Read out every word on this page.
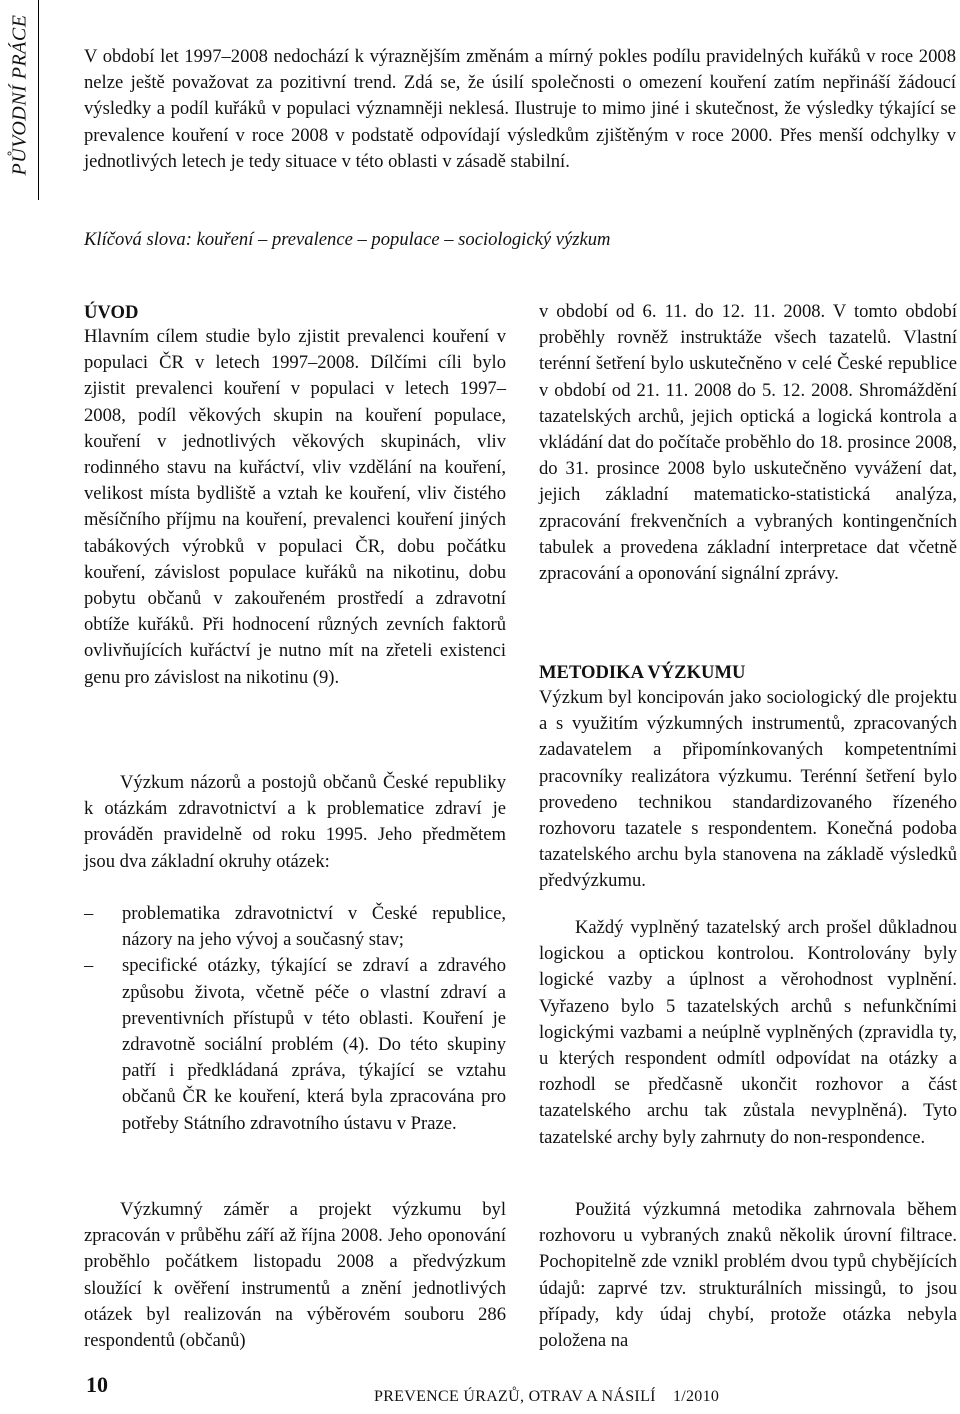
PŮVODNÍ PRÁCE	V období let 1997–2008 nedochází k výraznějším změnám a mírný pokles podílu pravidelných kuřáků v roce 2008 nelze ještě považovat za pozitivní trend. Zdá se, že úsilí společnosti o omezení kouření zatím nepřináší žádoucí výsledky a podíl kuřáků v populaci významněji neklesá. Ilustruje to mimo jiné i skutečnost, že výsledky týkající se prevalence kouření v roce 2008 v podstatě odpovídají výsledkům zjištěným v roce 2000. Přes menší odchylky v jednotlivých letech je tedy situace v této oblasti v zásadě stabilní.

Klíčová slova: kouření – prevalence – populace – sociologický výzkum

ÚVOD

Hlavním cílem studie bylo zjistit prevalenci kouření v populaci ČR v letech 1997–2008. Dílčími cíli bylo zjistit prevalenci kouření v populaci v letech 1997–2008, podíl věkových skupin na kouření populace, kouření v jednotlivých věkových skupinách, vliv rodinného stavu na kuřáctví, vliv vzdělání na kouření, velikost místa bydliště a vztah ke kouření, vliv čistého měsíčního příjmu na kouření, prevalenci kouření jiných tabákových výrobků v populaci ČR, dobu počátku kouření, závislost populace kuřáků na nikotinu, dobu pobytu občanů v zakouřeném prostředí a zdravotní obtíže kuřáků. Při hodnocení různých zevních faktorů ovlivňujících kuřáctví je nutno mít na zřeteli existenci genu pro závislost na nikotinu (9).

Výzkum názorů a postojů občanů České republiky k otázkám zdravotnictví a k problematice zdraví je prováděn pravidelně od roku 1995. Jeho předmětem jsou dva základní okruhy otázek:

– problematika zdravotnictví v České republice, názory na jeho vývoj a současný stav;
– specifické otázky, týkající se zdraví a zdravého způsobu života, včetně péče o vlastní zdraví a preventivních přístupů v této oblasti. Kouření je zdravotně sociální problém (4). Do této skupiny patří i předkládaná zpráva, týkající se vztahu občanů ČR ke kouření, která byla zpracována pro potřeby Státního zdravotního ústavu v Praze.

Výzkumný záměr a projekt výzkumu byl zpracován v průběhu září až října 2008. Jeho oponování proběhlo počátkem listopadu 2008 a předvýzkum sloužící k ověření instrumentů a znění jednotlivých otázek byl realizován na výběrovém souboru 286 respondentů (občanů)

v období od 6. 11. do 12. 11. 2008. V tomto období proběhly rovněž instruktáže všech tazatelů. Vlastní terénní šetření bylo uskutečněno v celé České republice v období od 21. 11. 2008 do 5. 12. 2008. Shromáždění tazatelských archů, jejich optická a logická kontrola a vkládání dat do počítače proběhlo do 18. prosince 2008, do 31. prosince 2008 bylo uskutečněno vyvážení dat, jejich základní matematicko-statistická analýza, zpracování frekvenčních a vybraných kontingenčních tabulek a provedena základní interpretace dat včetně zpracování a oponování signální zprávy.

METODIKA VÝZKUMU

Výzkum byl koncipován jako sociologický dle projektu a s využitím výzkumných instrumentů, zpracovaných zadavatelem a připomínkovaných kompetentními pracovníky realizátora výzkumu. Terénní šetření bylo provedeno technikou standardizovaného řízeného rozhovoru tazatele s respondentem. Konečná podoba tazatelského archu byla stanovena na základě výsledků předvýzkumu.

Každý vyplněný tazatelský arch prošel důkladnou logickou a optickou kontrolou. Kontrolovány byly logické vazby a úplnost a věrohodnost vyplnění. Vyřazeno bylo 5 tazatelských archů s nefunkčními logickými vazbami a neúplně vyplněných (zpravidla ty, u kterých respondent odmítl odpovídat na otázky a rozhodl se předčasně ukončit rozhovor a část tazatelského archu tak zůstala nevyplněná). Tyto tazatelské archy byly zahrnuty do non-respondence.

Použitá výzkumná metodika zahrnovala během rozhovoru u vybraných znaků několik úrovní filtrace. Pochopitelně zde vznikl problém dvou typů chybějících údajů: zaprvé tzv. strukturálních missingů, to jsou případy, kdy údaj chybí, protože otázka nebyla položena na

10	PREVENCE ÚRAZŮ, OTRAV A NÁSILÍ    1/2010
